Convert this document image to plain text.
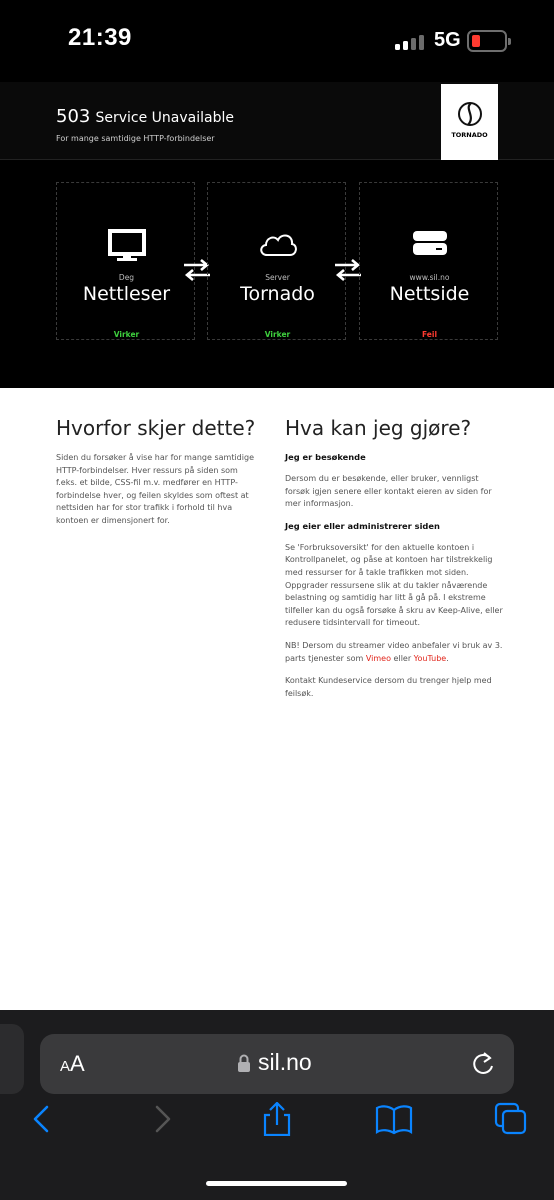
21:39	5G
503 Service Unavailable
For mange samtidige HTTP-forbindelser	TORNADO
Deg
Nettleser
Virker
Server
Tornado
Virker
www.sil.no
Nettside
Feil
Hvorfor skjer dette?

Siden du forsøker å vise har for mange samtidige HTTP-forbindelser. Hver ressurs på siden som f.eks. et bilde, CSS-fil m.v. medfører en HTTP-forbindelse hver, og feilen skyldes som oftest at nettsiden har for stor trafikk i forhold til hva kontoen er dimensjonert for.

Hva kan jeg gjøre?
Jeg er besøkende

Dersom du er besøkende, eller bruker, vennligst forsøk igjen senere eller kontakt eieren av siden for mer informasjon.

Jeg eier eller administrerer siden

Se 'Forbruksoversikt' for den aktuelle kontoen i Kontrollpanelet, og påse at kontoen har tilstrekkelig med ressurser for å takle trafikken mot siden. Oppgrader ressursene slik at du takler nåværende belastning og samtidig har litt å gå på. I ekstreme tilfeller kan du også forsøke å skru av Keep-Alive, eller redusere tidsintervall for timeout.

NB! Dersom du streamer video anbefaler vi bruk av 3. parts tjenester som Vimeo eller YouTube.

Kontakt Kundeservice dersom du trenger hjelp med feilsøk.

AA	sil.no
